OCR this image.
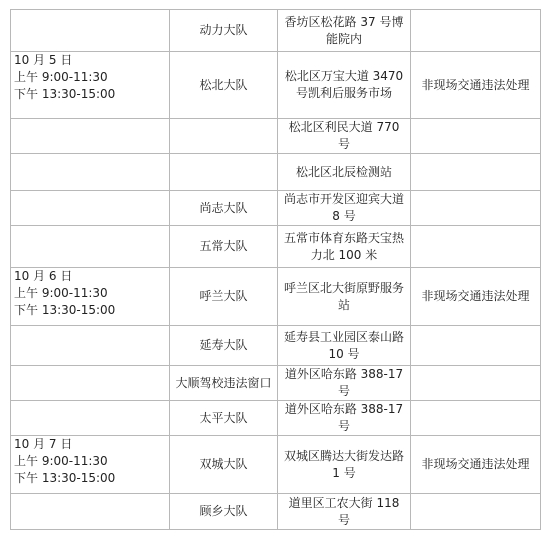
	动力大队	香坊区松花路 37 号博能院内	

10 月 5 日
上午 9:00-11:30
下午 13:30-15:00	松北大队	松北区万宝大道 3470 号凯利后服务市场	非现场交通违法处理
		松北区利民大道 770 号	
		松北区北辰检测站	
	尚志大队	尚志市开发区迎宾大道 8 号	
	五常大队	五常市体育东路天宝热力北 100 米	

10 月 6 日
上午 9:00-11:30
下午 13:30-15:00	呼兰大队	呼兰区北大街原野服务站	非现场交通违法处理
	延寿大队	延寿县工业园区泰山路 10 号	
	大顺驾校违法窗口	道外区哈东路 388-17 号	
	太平大队	道外区哈东路 388-17 号	

10 月 7 日
上午 9:00-11:30
下午 13:30-15:00	双城大队	双城区腾达大街发达路 1 号	非现场交通违法处理
	顾乡大队	道里区工农大街 118 号	
